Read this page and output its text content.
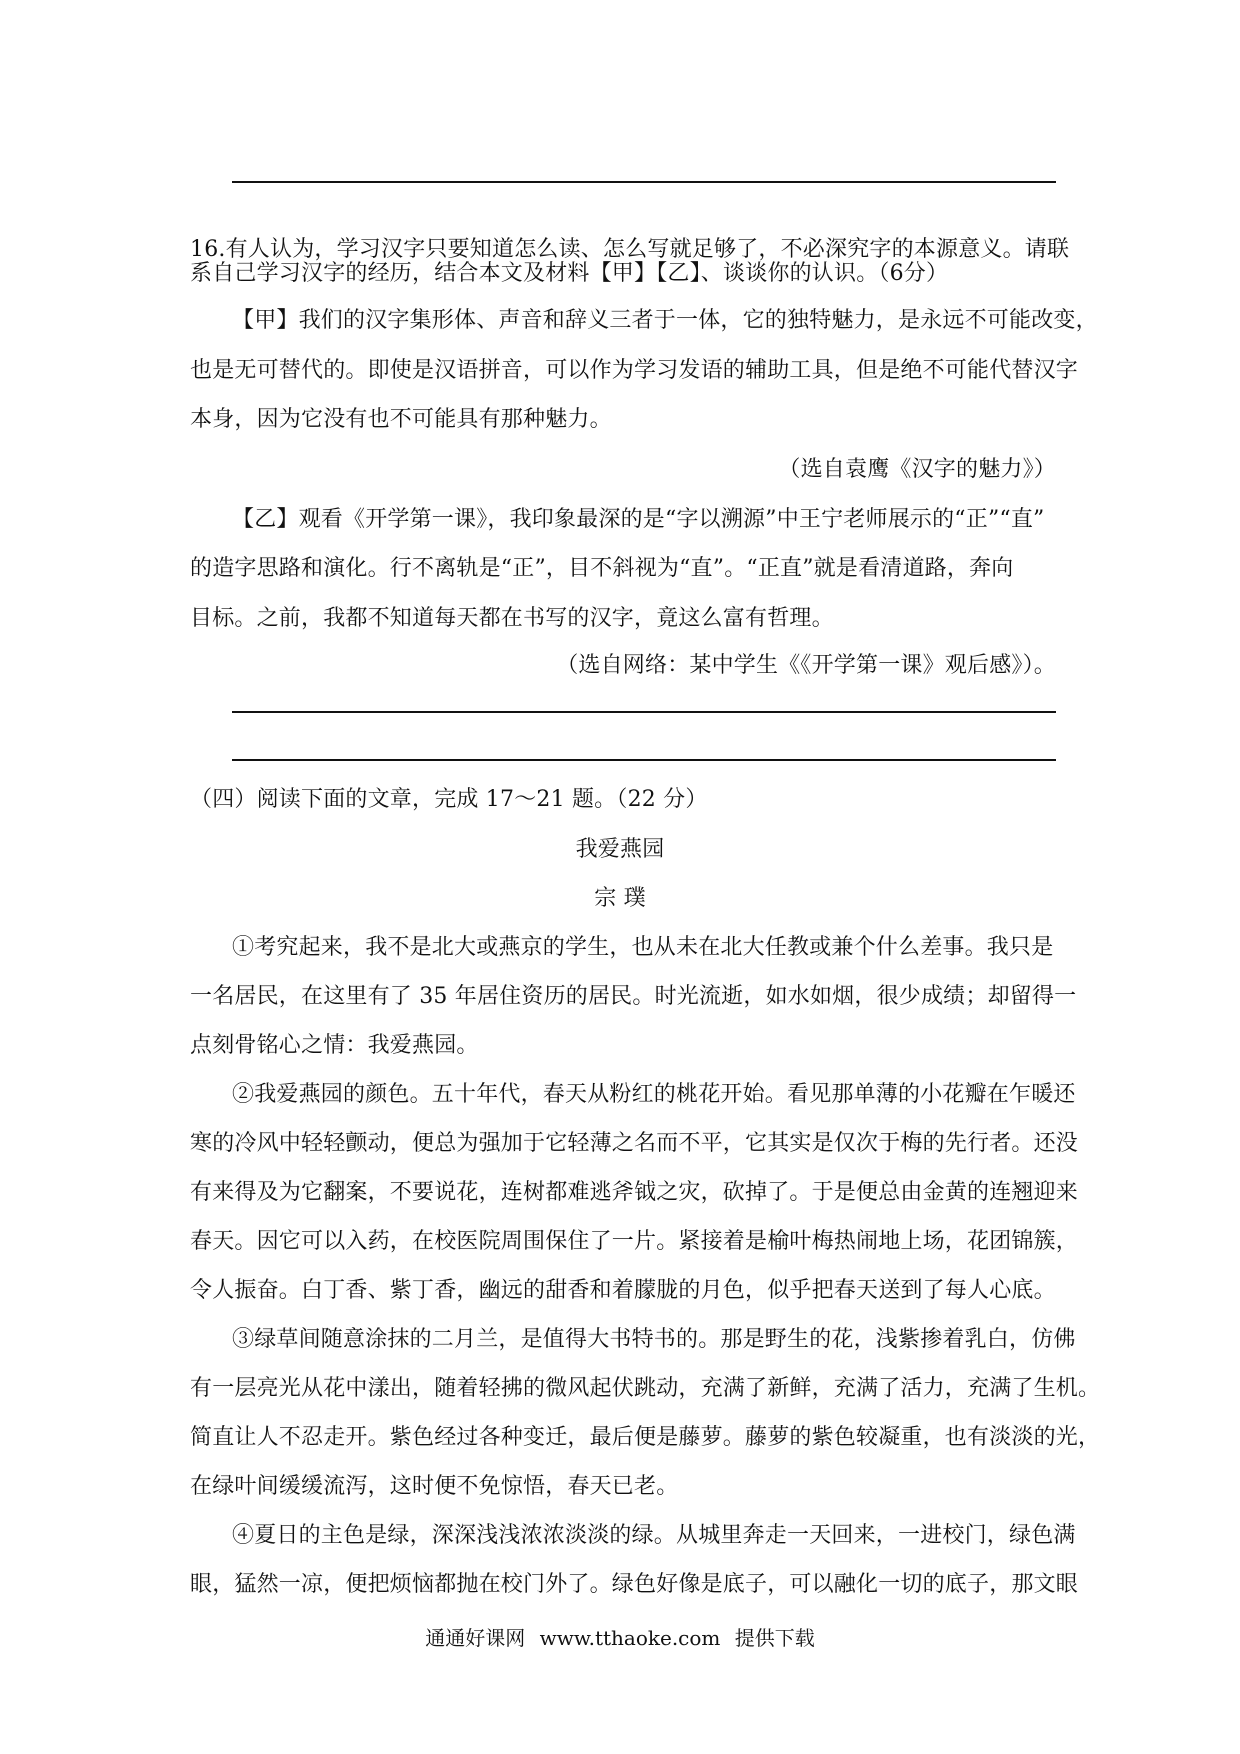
16.有人认为，学习汉字只要知道怎么读、怎么写就足够了，不必深究字的本源意义。请联
系自己学习汉字的经历，结合本文及材料【甲】【乙】、谈谈你的认识。（6分）
【甲】我们的汉字集形体、声音和辞义三者于一体，它的独特魅力，是永远不可能改变，
也是无可替代的。即使是汉语拼音，可以作为学习发语的辅助工具，但是绝不可能代替汉字
本身，因为它没有也不可能具有那种魅力。
（选自袁鹰《汉字的魅力》）
【乙】观看《开学第一课》，我印象最深的是“字以溯源”中王宁老师展示的“正”“直”
的造字思路和演化。行不离轨是“正”，目不斜视为“直”。“正直”就是看清道路，奔向
目标。之前，我都不知道每天都在书写的汉字，竟这么富有哲理。
（选自网络：某中学生《《开学第一课》观后感》）。
（四）阅读下面的文章，完成 17～21 题。（22 分）
我爱燕园
宗 璞
①考究起来，我不是北大或燕京的学生，也从未在北大任教或兼个什么差事。我只是
一名居民，在这里有了 35 年居住资历的居民。时光流逝，如水如烟，很少成绩；却留得一
点刻骨铭心之情：我爱燕园。
②我爱燕园的颜色。五十年代，春天从粉红的桃花开始。看见那单薄的小花瓣在乍暖还
寒的冷风中轻轻颤动，便总为强加于它轻薄之名而不平，它其实是仅次于梅的先行者。还没
有来得及为它翻案，不要说花，连树都难逃斧钺之灾，砍掉了。于是便总由金黄的连翘迎来
春天。因它可以入药，在校医院周围保住了一片。紧接着是榆叶梅热闹地上场，花团锦簇，
令人振奋。白丁香、紫丁香，幽远的甜香和着朦胧的月色，似乎把春天送到了每人心底。
③绿草间随意涂抹的二月兰，是值得大书特书的。那是野生的花，浅紫掺着乳白，仿佛
有一层亮光从花中漾出，随着轻拂的微风起伏跳动，充满了新鲜，充满了活力，充满了生机。
简直让人不忍走开。紫色经过各种变迁，最后便是藤萝。藤萝的紫色较凝重，也有淡淡的光，
在绿叶间缓缓流泻，这时便不免惊悟，春天已老。
④夏日的主色是绿，深深浅浅浓浓淡淡的绿。从城里奔走一天回来，一进校门，绿色满
眼，猛然一凉，便把烦恼都抛在校门外了。绿色好像是底子，可以融化一切的底子，那文眼
通通好课网 www.tthaoke.com 提供下载
